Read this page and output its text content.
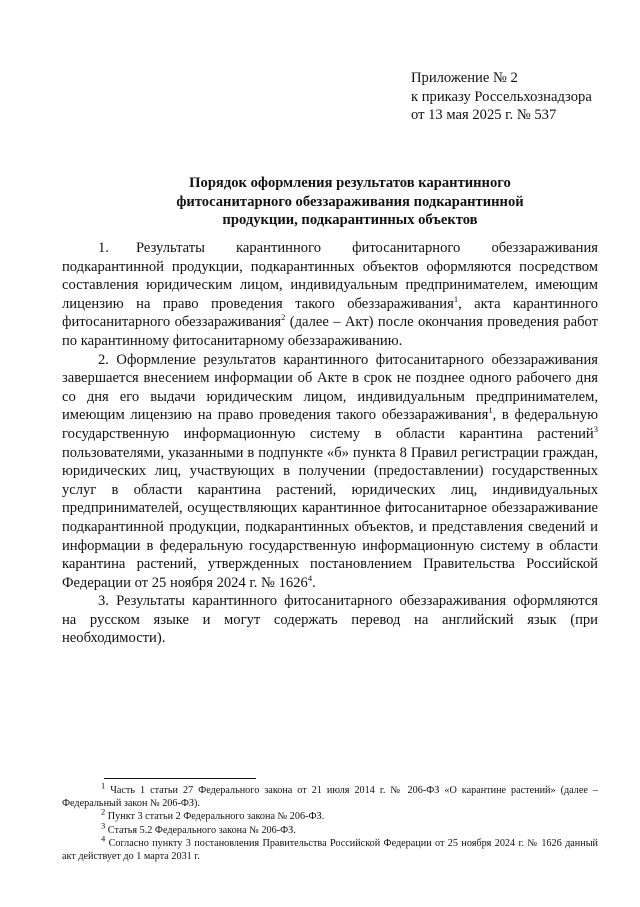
Приложение № 2
к приказу Россельхознадзора
от 13 мая 2025 г. № 537
Порядок оформления результатов карантинного
фитосанитарного обеззараживания подкарантинной
продукции, подкарантинных объектов

1. Результаты карантинного фитосанитарного обеззараживания подкарантинной продукции, подкарантинных объектов оформляются посредством составления юридическим лицом, индивидуальным предпринимателем, имеющим лицензию на право проведения такого обеззараживания$^1$, акта карантинного фитосанитарного обеззараживания$^2$ (далее – Акт) после окончания проведения работ по карантинному фитосанитарному обеззараживанию.

2. Оформление результатов карантинного фитосанитарного обеззараживания завершается внесением информации об Акте в срок не позднее одного рабочего дня со дня его выдачи юридическим лицом, индивидуальным предпринимателем, имеющим лицензию на право проведения такого обеззараживания$^1$, в федеральную государственную информационную систему в области карантина растений$^3$ пользователями, указанными в подпункте «б» пункта 8 Правил регистрации граждан, юридических лиц, участвующих в получении (предоставлении) государственных услуг в области карантина растений, юридических лиц, индивидуальных предпринимателей, осуществляющих карантинное фитосанитарное обеззараживание подкарантинной продукции, подкарантинных объектов, и представления сведений и информации в федеральную государственную информационную систему в области карантина растений, утвержденных постановлением Правительства Российской Федерации от 25 ноября 2024 г. № 1626$^4$.

3. Результаты карантинного фитосанитарного обеззараживания оформляются на русском языке и могут содержать перевод на английский язык (при необходимости).

$^1$ Часть 1 статьи 27 Федерального закона от 21 июля 2014 г. № 206-ФЗ «О карантине растений» (далее – Федеральный закон № 206-ФЗ).

$^2$ Пункт 3 статьи 2 Федерального закона № 206-ФЗ.

$^3$ Статья 5.2 Федерального закона № 206-ФЗ.

$^4$ Согласно пункту 3 постановления Правительства Российской Федерации от 25 ноября 2024 г. № 1626 данный акт действует до 1 марта 2031 г.
